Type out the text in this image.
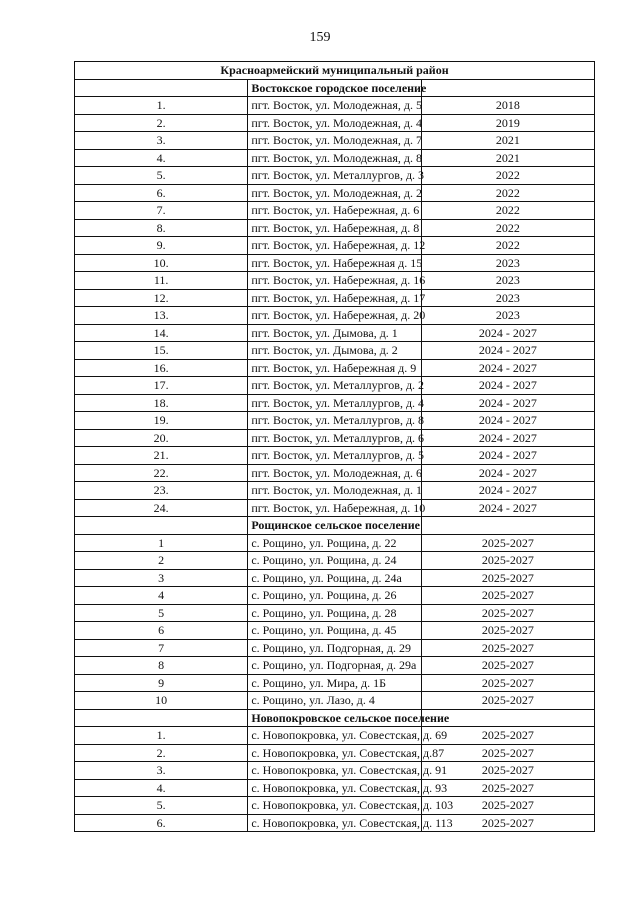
159
Красноармейский муниципальный район		
	Востокское городское поселение	
1.	пгт. Восток, ул. Молодежная, д. 5	2018
2.	пгт. Восток, ул. Молодежная, д. 4	2019
3.	пгт. Восток, ул. Молодежная, д. 7	2021
4.	пгт. Восток, ул. Молодежная, д. 8	2021
5.	пгт. Восток, ул. Металлургов, д. 3	2022
6.	пгт. Восток, ул. Молодежная, д. 2	2022
7.	пгт. Восток, ул. Набережная, д. 6	2022
8.	пгт. Восток, ул. Набережная, д. 8	2022
9.	пгт. Восток, ул. Набережная, д. 12	2022
10.	пгт. Восток, ул. Набережная д. 15	2023
11.	пгт. Восток, ул. Набережная, д. 16	2023
12.	пгт. Восток, ул. Набережная, д. 17	2023
13.	пгт. Восток, ул. Набережная, д. 20	2023
14.	пгт. Восток, ул. Дымова, д. 1	2024 - 2027
15.	пгт. Восток, ул. Дымова, д. 2	2024 - 2027
16.	пгт. Восток, ул. Набережная д. 9	2024 - 2027
17.	пгт. Восток, ул. Металлургов, д. 2	2024 - 2027
18.	пгт. Восток, ул. Металлургов, д. 4	2024 - 2027
19.	пгт. Восток, ул. Металлургов, д. 8	2024 - 2027
20.	пгт. Восток, ул. Металлургов, д. 6	2024 - 2027
21.	пгт. Восток, ул. Металлургов, д. 5	2024 - 2027
22.	пгт. Восток, ул. Молодежная, д. 6	2024 - 2027
23.	пгт. Восток, ул. Молодежная, д. 1	2024 - 2027
24.	пгт. Восток, ул. Набережная, д. 10	2024 - 2027
	Рощинское сельское поселение	
1	с. Рощино, ул. Рощина, д. 22	2025-2027
2	с. Рощино, ул. Рощина, д. 24	2025-2027
3	с. Рощино, ул. Рощина, д. 24а	2025-2027
4	с. Рощино, ул. Рощина, д. 26	2025-2027
5	с. Рощино, ул. Рощина, д. 28	2025-2027
6	с. Рощино, ул. Рощина, д. 45	2025-2027
7	с. Рощино, ул. Подгорная, д. 29	2025-2027
8	с. Рощино, ул. Подгорная, д. 29а	2025-2027
9	с. Рощино, ул. Мира, д. 1Б	2025-2027
10	с. Рощино, ул. Лазо, д. 4	2025-2027
	Новопокровское сельское поселение	
1.	с. Новопокровка, ул. Совестская, д. 69	2025-2027
2.	с. Новопокровка, ул. Совестская, д.87	2025-2027
3.	с. Новопокровка, ул. Совестская, д. 91	2025-2027
4.	с. Новопокровка, ул. Совестская, д. 93	2025-2027
5.	с. Новопокровка, ул. Совестская, д. 103	2025-2027
6.	с. Новопокровка, ул. Совестская, д. 113	2025-2027
